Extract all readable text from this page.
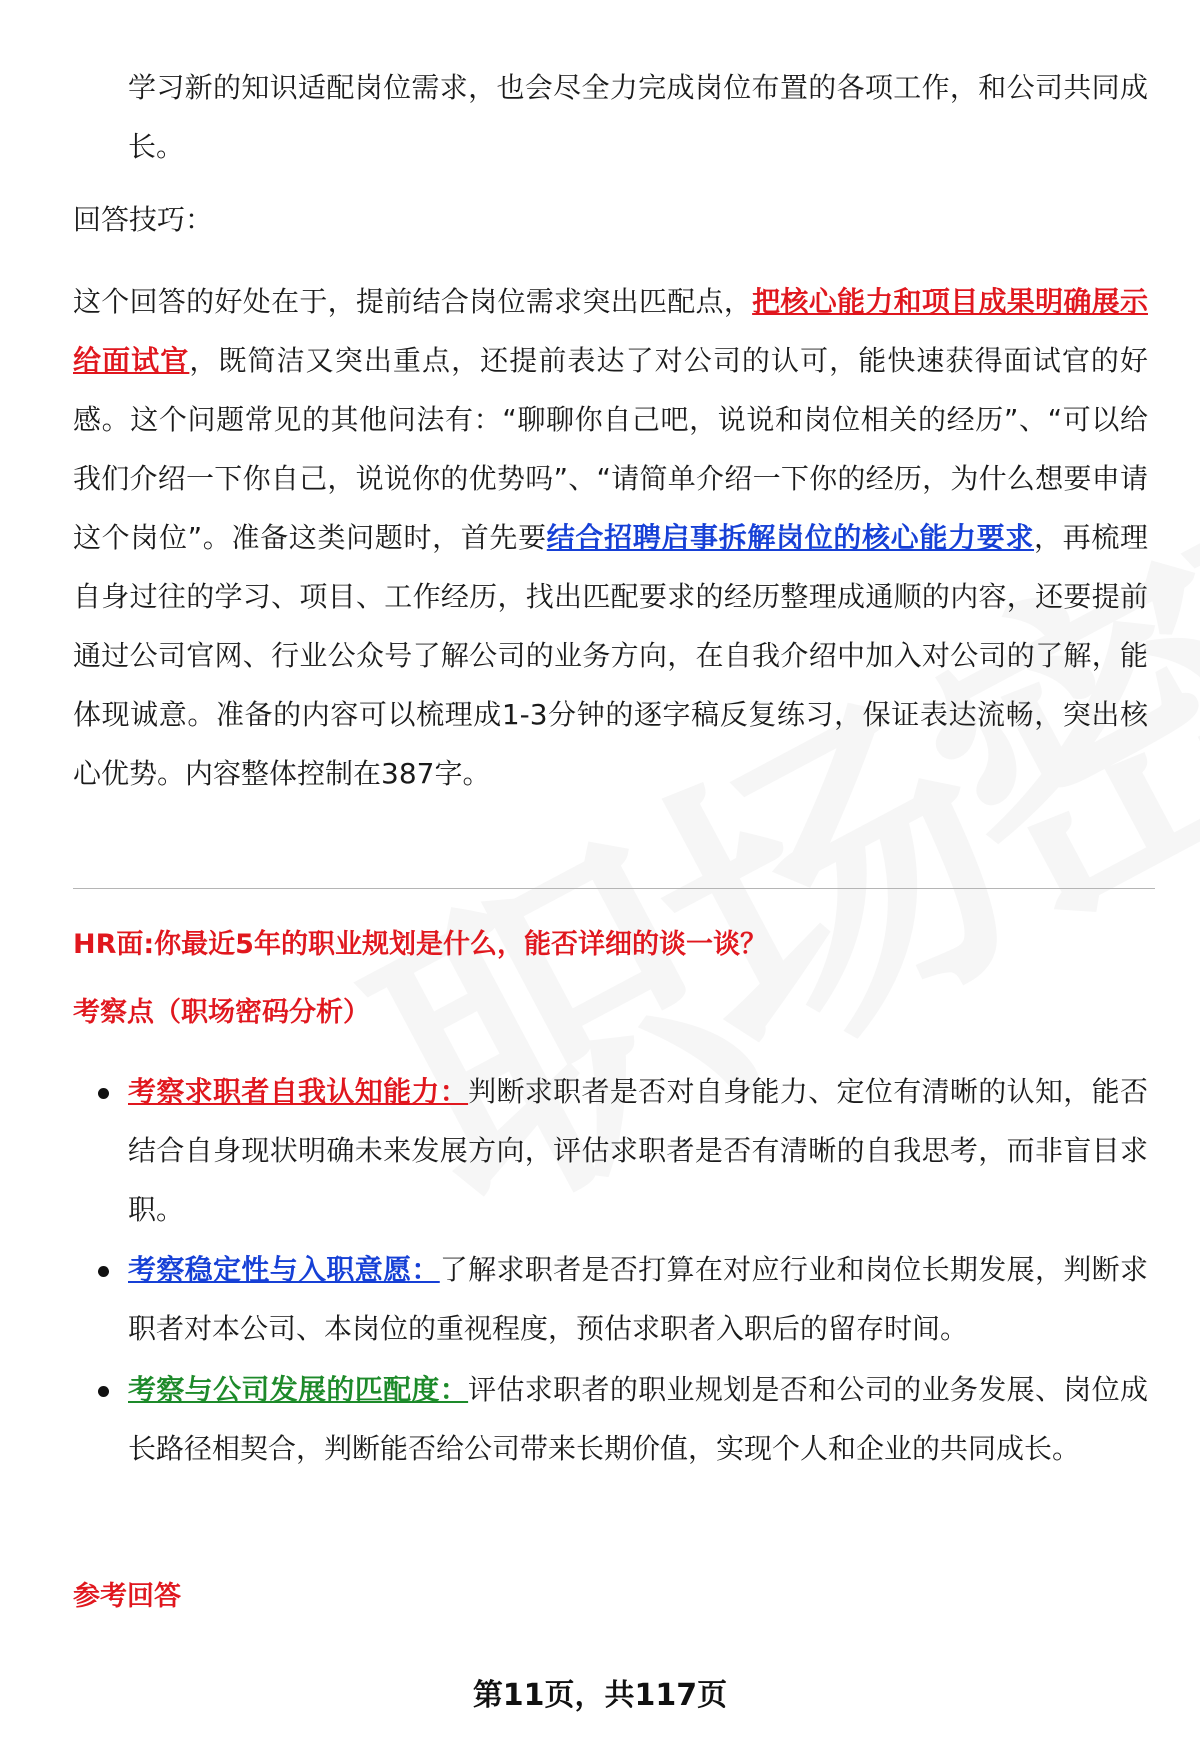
学习新的知识适配岗位需求，也会尽全力完成岗位布置的各项工作，和公司共同成长。

回答技巧：

这个回答的好处在于，提前结合岗位需求突出匹配点，把核心能力和项目成果明确展示给面试官，既简洁又突出重点，还提前表达了对公司的认可，能快速获得面试官的好感。这个问题常见的其他问法有：“聊聊你自己吧，说说和岗位相关的经历”、“可以给我们介绍一下你自己，说说你的优势吗”、“请简单介绍一下你的经历，为什么想要申请这个岗位”。准备这类问题时，首先要结合招聘启事拆解岗位的核心能力要求，再梳理自身过往的学习、项目、工作经历，找出匹配要求的经历整理成通顺的内容，还要提前通过公司官网、行业公众号了解公司的业务方向，在自我介绍中加入对公司的了解，能体现诚意。准备的内容可以梳理成1-3分钟的逐字稿反复练习，保证表达流畅，突出核心优势。内容整体控制在387字。

HR面:你最近5年的职业规划是什么，能否详细的谈一谈？

考察点（职场密码分析）

考察求职者自我认知能力：判断求职者是否对自身能力、定位有清晰的认知，能否结合自身现状明确未来发展方向，评估求职者是否有清晰的自我思考，而非盲目求职。

考察稳定性与入职意愿：了解求职者是否打算在对应行业和岗位长期发展，判断求职者对本公司、本岗位的重视程度，预估求职者入职后的留存时间。

考察与公司发展的匹配度：评估求职者的职业规划是否和公司的业务发展、岗位成长路径相契合，判断能否给公司带来长期价值，实现个人和企业的共同成长。

参考回答

第11页，共117页
